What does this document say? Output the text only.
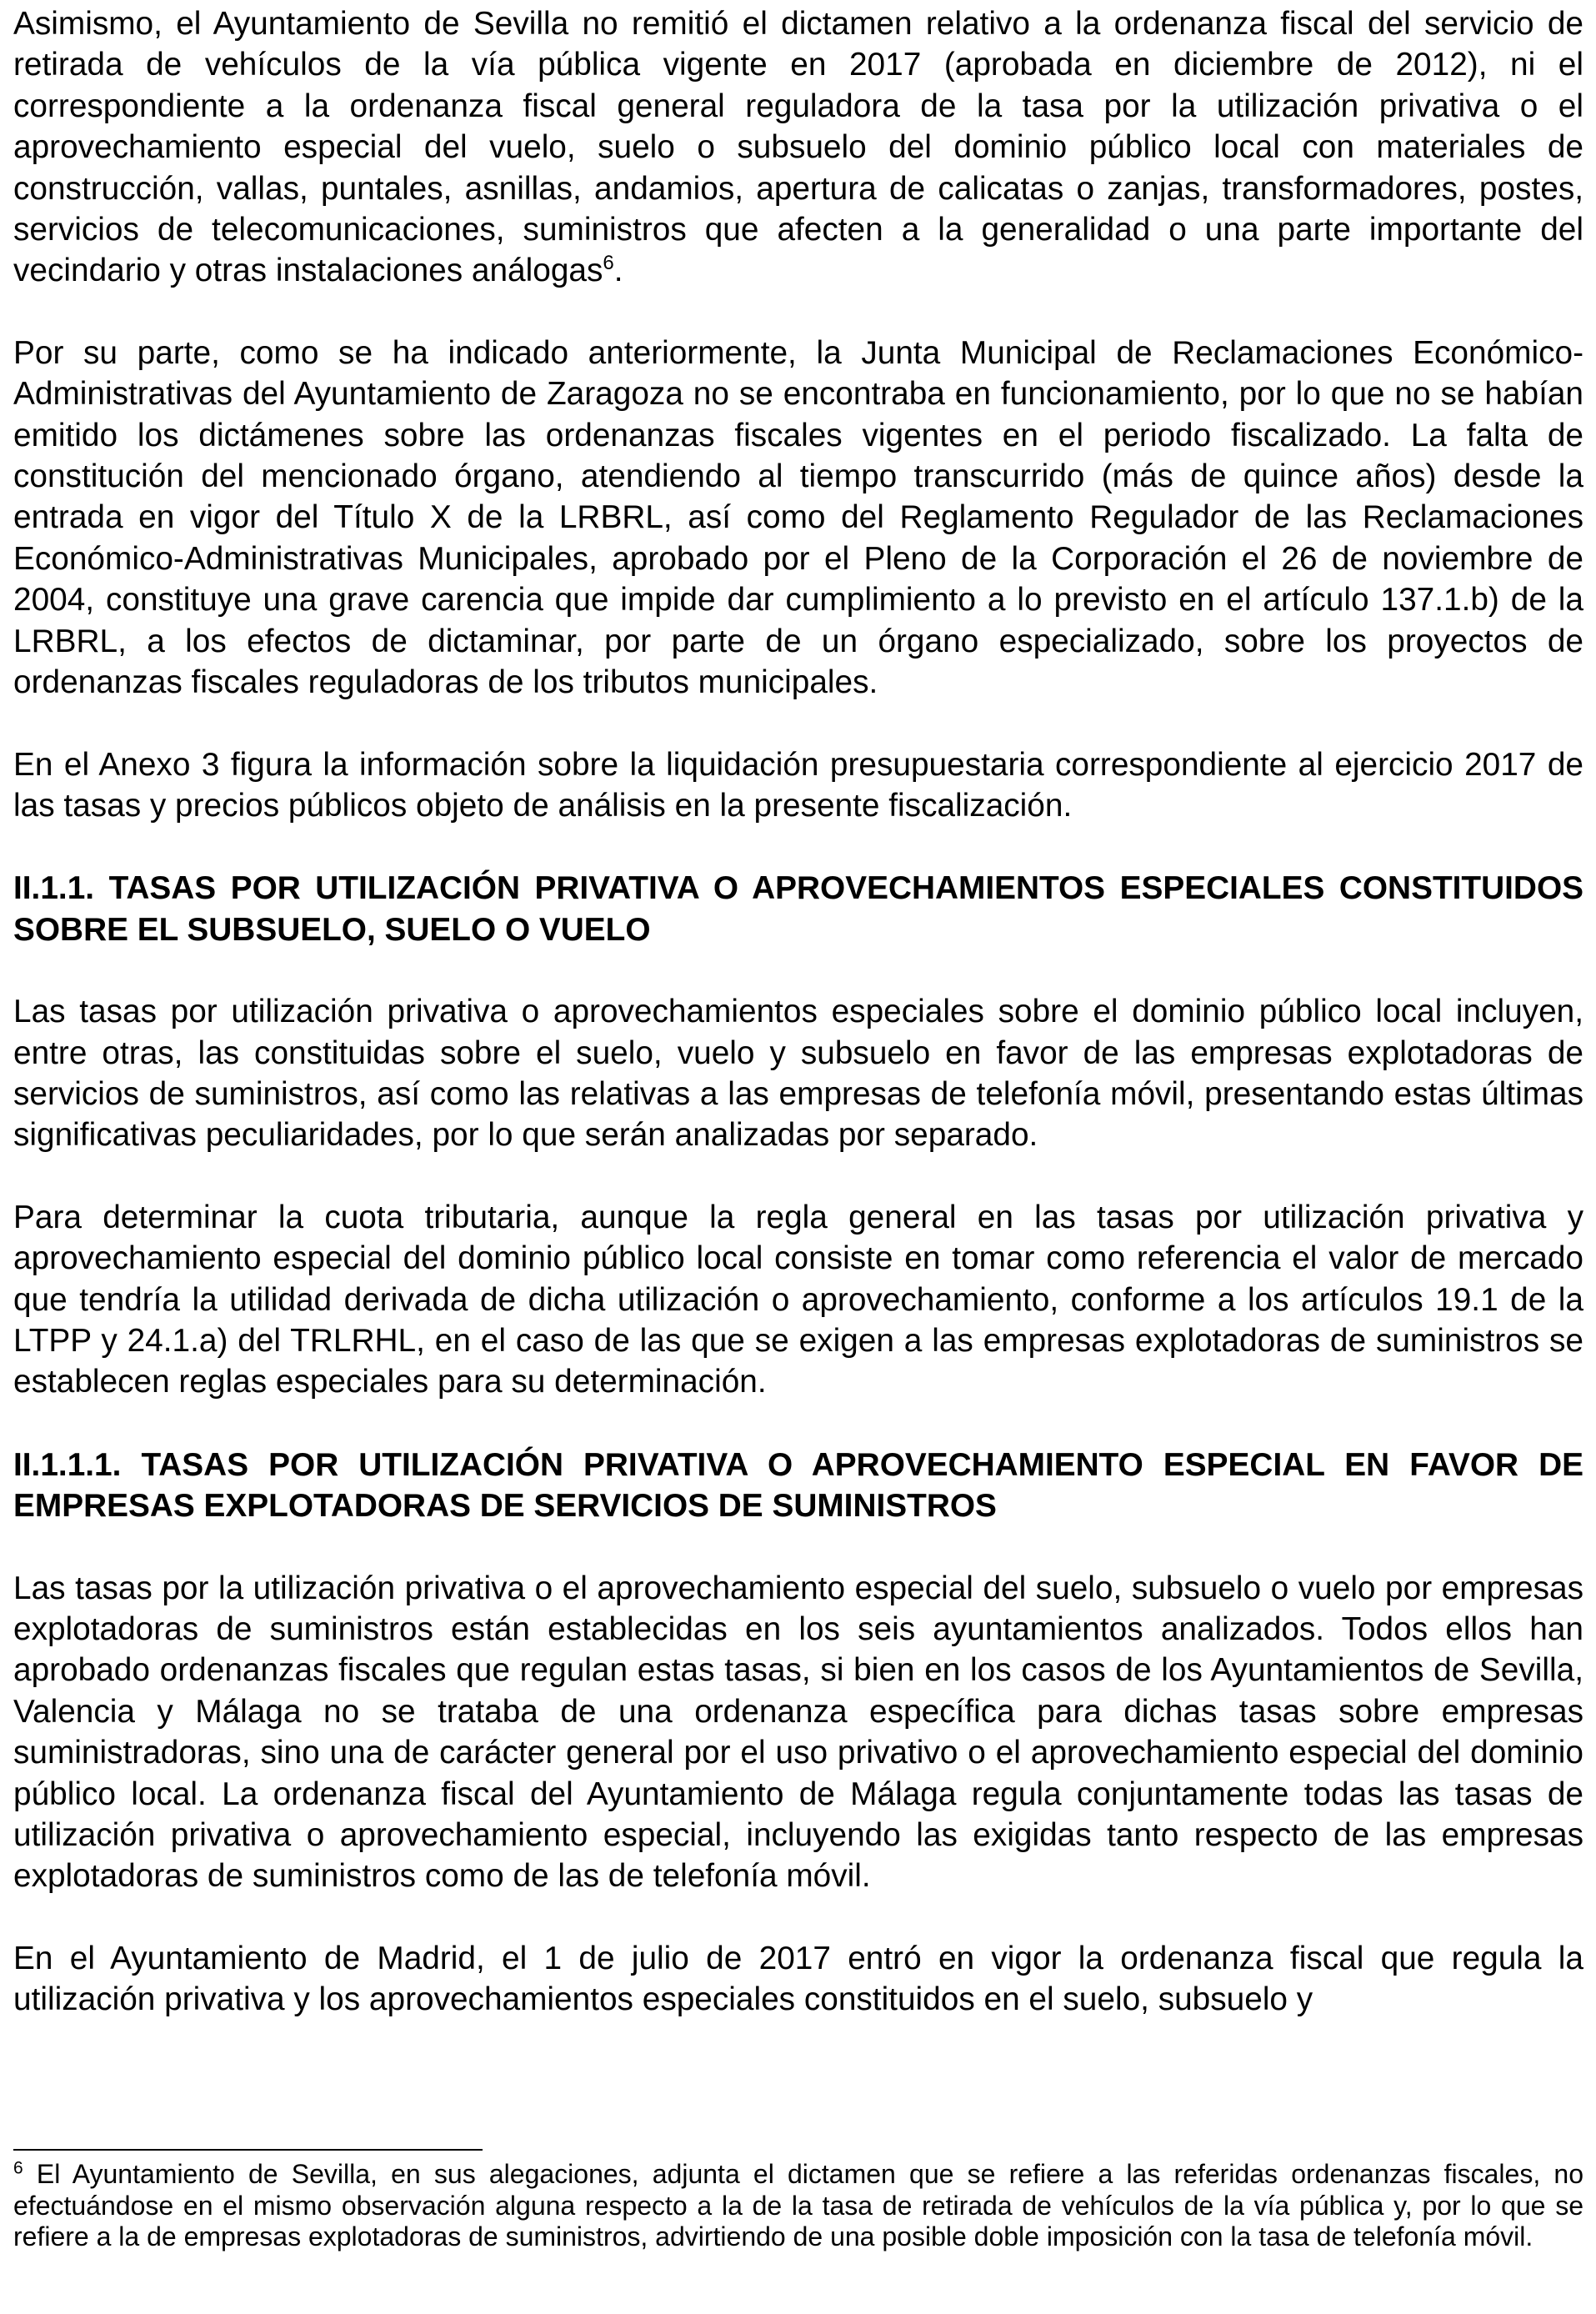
Asimismo, el Ayuntamiento de Sevilla no remitió el dictamen relativo a la ordenanza fiscal del servicio de retirada de vehículos de la vía pública vigente en 2017 (aprobada en diciembre de 2012), ni el correspondiente a la ordenanza fiscal general reguladora de la tasa por la utilización privativa o el aprovechamiento especial del vuelo, suelo o subsuelo del dominio público local con materiales de construcción, vallas, puntales, asnillas, andamios, apertura de calicatas o zanjas, transformadores, postes, servicios de telecomunicaciones, suministros que afecten a la generalidad o una parte importante del vecindario y otras instalaciones análogas$^6$.

Por su parte, como se ha indicado anteriormente, la Junta Municipal de Reclamaciones Económico-Administrativas del Ayuntamiento de Zaragoza no se encontraba en funcionamiento, por lo que no se habían emitido los dictámenes sobre las ordenanzas fiscales vigentes en el periodo fiscalizado. La falta de constitución del mencionado órgano, atendiendo al tiempo transcurrido (más de quince años) desde la entrada en vigor del Título X de la LRBRL, así como del Reglamento Regulador de las Reclamaciones Económico-Administrativas Municipales, aprobado por el Pleno de la Corporación el 26 de noviembre de 2004, constituye una grave carencia que impide dar cumplimiento a lo previsto en el artículo 137.1.b) de la LRBRL, a los efectos de dictaminar, por parte de un órgano especializado, sobre los proyectos de ordenanzas fiscales reguladoras de los tributos municipales.

En el Anexo 3 figura la información sobre la liquidación presupuestaria correspondiente al ejercicio 2017 de las tasas y precios públicos objeto de análisis en la presente fiscalización.

II.1.1. TASAS POR UTILIZACIÓN PRIVATIVA O APROVECHAMIENTOS ESPECIALES CONSTITUIDOS SOBRE EL SUBSUELO, SUELO O VUELO

Las tasas por utilización privativa o aprovechamientos especiales sobre el dominio público local incluyen, entre otras, las constituidas sobre el suelo, vuelo y subsuelo en favor de las empresas explotadoras de servicios de suministros, así como las relativas a las empresas de telefonía móvil, presentando estas últimas significativas peculiaridades, por lo que serán analizadas por separado.

Para determinar la cuota tributaria, aunque la regla general en las tasas por utilización privativa y aprovechamiento especial del dominio público local consiste en tomar como referencia el valor de mercado que tendría la utilidad derivada de dicha utilización o aprovechamiento, conforme a los artículos 19.1 de la LTPP y 24.1.a) del TRLRHL, en el caso de las que se exigen a las empresas explotadoras de suministros se establecen reglas especiales para su determinación.

II.1.1.1. TASAS POR UTILIZACIÓN PRIVATIVA O APROVECHAMIENTO ESPECIAL EN FAVOR DE EMPRESAS EXPLOTADORAS DE SERVICIOS DE SUMINISTROS

Las tasas por la utilización privativa o el aprovechamiento especial del suelo, subsuelo o vuelo por empresas explotadoras de suministros están establecidas en los seis ayuntamientos analizados. Todos ellos han aprobado ordenanzas fiscales que regulan estas tasas, si bien en los casos de los Ayuntamientos de Sevilla, Valencia y Málaga no se trataba de una ordenanza específica para dichas tasas sobre empresas suministradoras, sino una de carácter general por el uso privativo o el aprovechamiento especial del dominio público local. La ordenanza fiscal del Ayuntamiento de Málaga regula conjuntamente todas las tasas de utilización privativa o aprovechamiento especial, incluyendo las exigidas tanto respecto de las empresas explotadoras de suministros como de las de telefonía móvil.

En el Ayuntamiento de Madrid, el 1 de julio de 2017 entró en vigor la ordenanza fiscal que regula la utilización privativa y los aprovechamientos especiales constituidos en el suelo, subsuelo y

$^6$ El Ayuntamiento de Sevilla, en sus alegaciones, adjunta el dictamen que se refiere a las referidas ordenanzas fiscales, no efectuándose en el mismo observación alguna respecto a la de la tasa de retirada de vehículos de la vía pública y, por lo que se refiere a la de empresas explotadoras de suministros, advirtiendo de una posible doble imposición con la tasa de telefonía móvil.
